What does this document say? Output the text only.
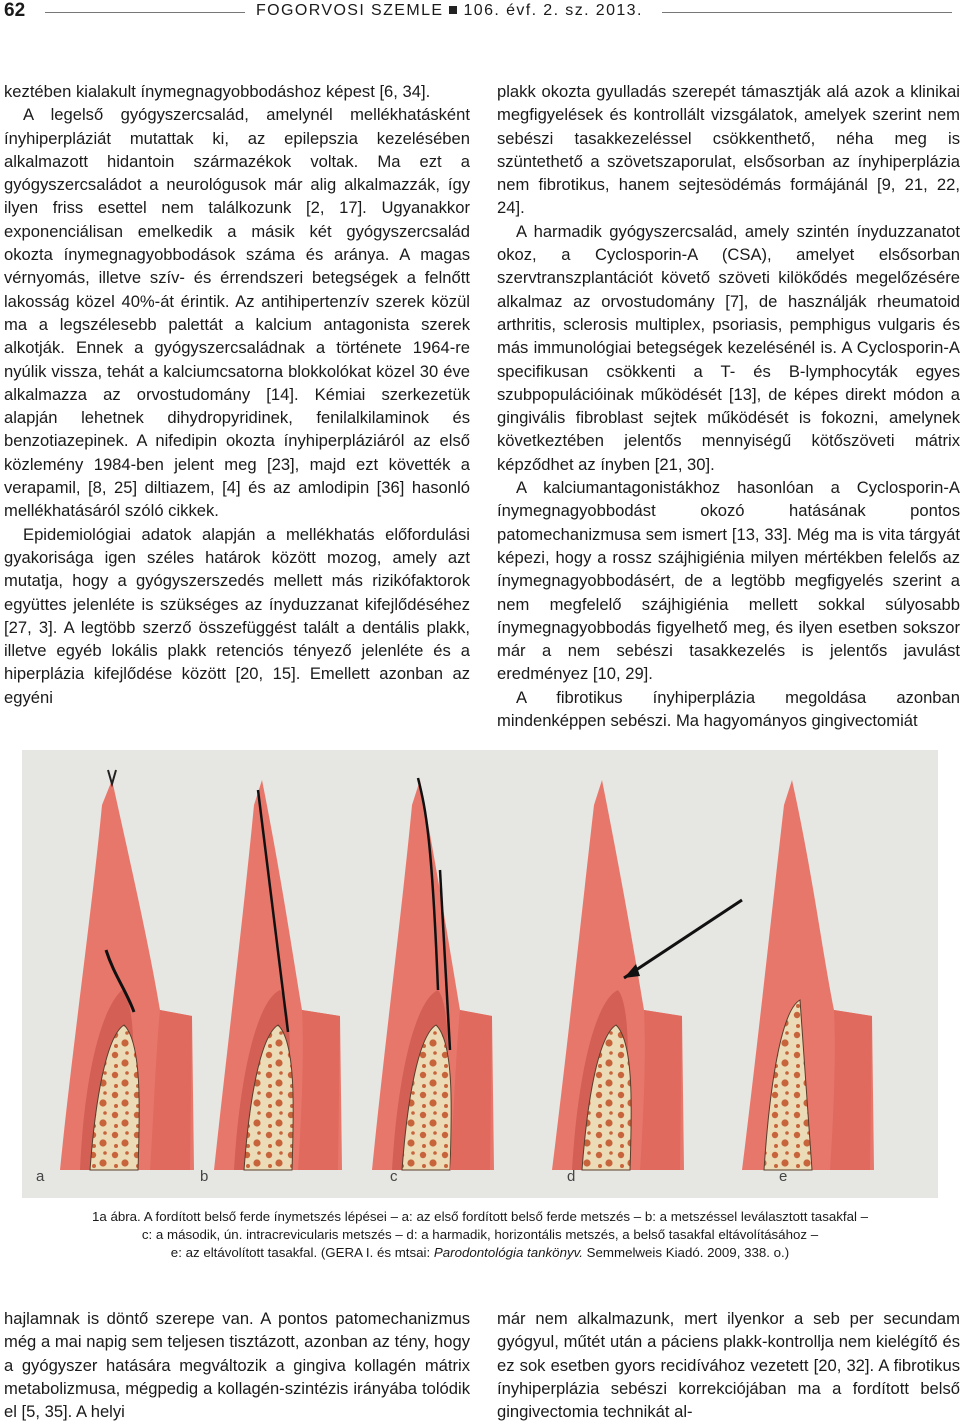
62	FOGORVOSI SZEMLE 106. évf. 2. sz. 2013.

keztében kialakult ínymegnagyobbodáshoz képest [6, 34].

A legelső gyógyszercsalád, amelynél mellékhatásként ínyhiperpláziát mutattak ki, az epilepszia kezelésében alkalmazott hidantoin származékok voltak. Ma ezt a gyógyszercsaládot a neurológusok már alig alkalmazzák, így ilyen friss esettel nem találkozunk [2, 17]. Ugyanakkor exponenciálisan emelkedik a másik két gyógyszercsalád okozta ínymegnagyobbodások száma és aránya. A magas vérnyomás, illetve szív- és érrendszeri betegségek a felnőtt lakosság közel 40%-át érintik. Az antihipertenzív szerek közül ma a legszélesebb palettát a kalcium antagonista szerek alkotják. Ennek a gyógyszercsaládnak a története 1964-re nyúlik vissza, tehát a kalciumcsatorna blokkolókat közel 30 éve alkalmazza az orvostudomány [14]. Kémiai szerkezetük alapján lehetnek dihydropyridinek, fenilalkilaminok és benzotiazepinek. A nifedipin okozta ínyhiperpláziáról az első közlemény 1984-ben jelent meg [23], majd ezt követték a verapamil, [8, 25] diltiazem, [4] és az amlodipin [36] hasonló mellékhatásáról szóló cikkek.

Epidemiológiai adatok alapján a mellékhatás előfordulási gyakorisága igen széles határok között mozog, amely azt mutatja, hogy a gyógyszerszedés mellett más rizikófaktorok együttes jelenléte is szükséges az ínyduzzanat kifejlődéséhez [27, 3]. A legtöbb szerző összefüggést talált a dentális plakk, illetve egyéb lokális plakk retenciós tényező jelenléte és a hiperplázia kifejlődése között [20, 15]. Emellett azonban az egyéni

plakk okozta gyulladás szerepét támasztják alá azok a klinikai megfigyelések és kontrollált vizsgálatok, amelyek szerint nem sebészi tasakkezeléssel csökkenthető, néha meg is szüntethető a szövetszaporulat, elsősorban az ínyhiperplázia nem fibrotikus, hanem sejtesödémás formájánál [9, 21, 22, 24].

A harmadik gyógyszercsalád, amely szintén ínyduzzanatot okoz, a Cyclosporin-A (CSA), amelyet elsősorban szervtranszplantációt követő szöveti kilökődés megelőzésére alkalmaz az orvostudomány [7], de használják rheumatoid arthritis, sclerosis multiplex, psoriasis, pemphigus vulgaris és más immunológiai betegségek kezelésénél is. A Cyclosporin-A specifikusan csökkenti a T- és B-lymphocyták egyes szubpopulációinak működését [13], de képes direkt módon a gingivális fibroblast sejtek működését is fokozni, amelynek következtében jelentős mennyiségű kötőszöveti mátrix képződhet az ínyben [21, 30].

A kalciumantagonistákhoz hasonlóan a Cyclosporin-A ínymegnagyobbodást okozó hatásának pontos patomechanizmusa sem ismert [13, 33]. Még ma is vita tárgyát képezi, hogy a rossz szájhigiénia milyen mértékben felelős az ínymegnagyobbodásért, de a legtöbb megfigyelés szerint a nem megfelelő szájhigiénia mellett sokkal súlyosabb ínymegnagyobbodás figyelhető meg, és ilyen esetben sokszor már a nem sebészi tasakkezelés is jelentős javulást eredményez [10, 29].

A fibrotikus ínyhiperplázia megoldása azonban mindenképpen sebészi. Ma hagyományos gingivectomiát

a	b	c	d	e
1a ábra. A fordított belső ferde ínymetszés lépései – a: az első fordított belső ferde metszés – b: a metszéssel leválasztott tasakfal –
c: a második, ún. intracrevicularis metszés – d: a harmadik, horizontális metszés, a belső tasakfal eltávolításához –
e: az eltávolított tasakfal. (GERA I. és mtsai: Parodontológia tankönyv. Semmelweis Kiadó. 2009, 338. o.)

hajlamnak is döntő szerepe van. A pontos patomechanizmus még a mai napig sem teljesen tisztázott, azonban az tény, hogy a gyógyszer hatására megváltozik a gingiva kollagén mátrix metabolizmusa, mégpedig a kollagén-szintézis irányába tolódik el [5, 35]. A helyi

már nem alkalmazunk, mert ilyenkor a seb per secundam gyógyul, műtét után a páciens plakk-kontrollja nem kielégítő és ez sok esetben gyors recidívához vezetett [20, 32]. A fibrotikus ínyhiperplázia sebészi korrekciójában ma a fordított belső gingivectomia technikát al-
